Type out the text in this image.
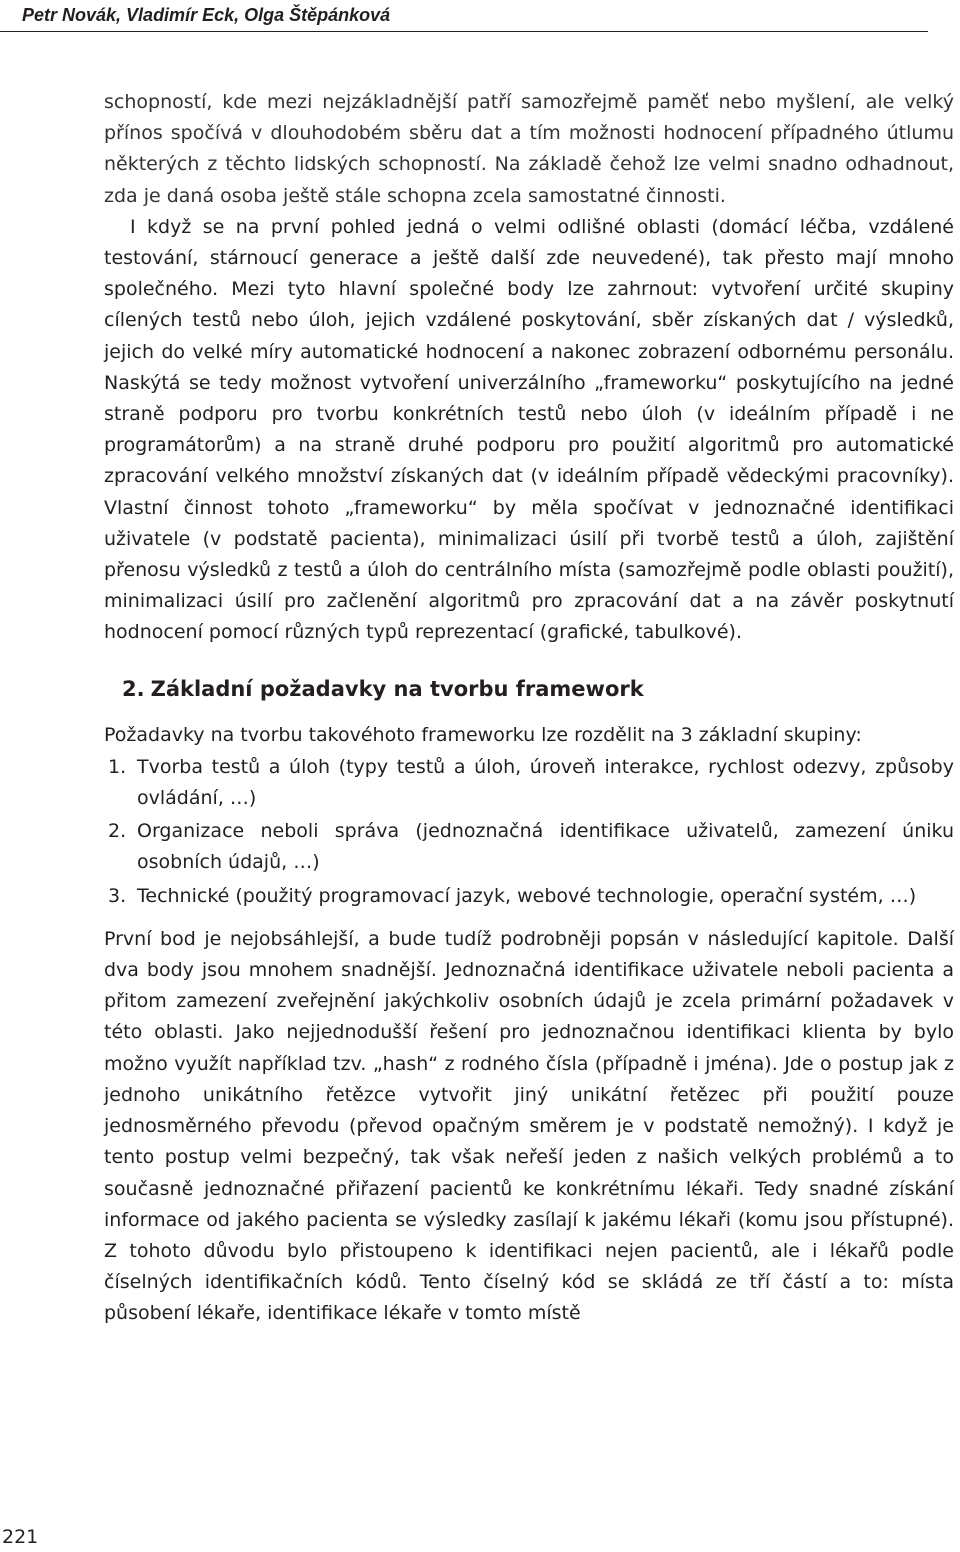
Petr Novák, Vladimír Eck, Olga Štěpánková

schopností, kde mezi nejzákladnější patří samozřejmě paměť nebo myšlení, ale velký přínos spočívá v dlouhodobém sběru dat a tím možnosti hodnocení případného útlumu některých z těchto lidských schopností. Na základě čehož lze velmi snadno odhadnout, zda je daná osoba ještě stále schopna zcela samostatné činnosti.

I když se na první pohled jedná o velmi odlišné oblasti (domácí léčba, vzdálené testování, stárnoucí generace a ještě další zde neuvedené), tak přesto mají mnoho společného. Mezi tyto hlavní společné body lze zahrnout: vytvoření určité skupiny cílených testů nebo úloh, jejich vzdálené poskytování, sběr získaných dat / výsledků, jejich do velké míry automatické hodnocení a nakonec zobrazení odbornému personálu. Naskýtá se tedy možnost vytvoření univerzálního „frameworku“ poskytujícího na jedné straně podporu pro tvorbu konkrétních testů nebo úloh (v ideálním případě i ne programátorům) a na straně druhé podporu pro použití algoritmů pro automatické zpracování velkého množství získaných dat (v ideálním případě vědeckými pracovníky). Vlastní činnost tohoto „frameworku“ by měla spočívat v jednoznačné identifikaci uživatele (v podstatě pacienta), minimalizaci úsilí při tvorbě testů a úloh, zajištění přenosu výsledků z testů a úloh do centrálního místa (samozřejmě podle oblasti použití), minimalizaci úsilí pro začlenění algoritmů pro zpracování dat a na závěr poskytnutí hodnocení pomocí různých typů reprezentací (grafické, tabulkové).

2. Základní požadavky na tvorbu framework

Požadavky na tvorbu takovéhoto frameworku lze rozdělit na 3 základní skupiny:

1. Tvorba testů a úloh (typy testů a úloh, úroveň interakce, rychlost odezvy, způsoby ovládání, …)
2. Organizace neboli správa (jednoznačná identifikace uživatelů, zamezení úniku osobních údajů, …)
3. Technické (použitý programovací jazyk, webové technologie, operační systém, …)

První bod je nejobsáhlejší, a bude tudíž podrobněji popsán v následující kapitole. Další dva body jsou mnohem snadnější. Jednoznačná identifikace uživatele neboli pacienta a přitom zamezení zveřejnění jakýchkoliv osobních údajů je zcela primární požadavek v této oblasti. Jako nejjednodušší řešení pro jednoznačnou identifikaci klienta by bylo možno využít například tzv. „hash“ z rodného čísla (případně i jména). Jde o postup jak z jednoho unikátního řetězce vytvořit jiný unikátní řetězec při použití pouze jednosměrného převodu (převod opačným směrem je v podstatě nemožný). I když je tento postup velmi bezpečný, tak však neřeší jeden z našich velkých problémů a to současně jednoznačné přiřazení pacientů ke konkrétnímu lékaři. Tedy snadné získání informace od jakého pacienta se výsledky zasílají k jakému lékaři (komu jsou přístupné). Z tohoto důvodu bylo přistoupeno k identifikaci nejen pacientů, ale i lékařů podle číselných identifikačních kódů. Tento číselný kód se skládá ze tří částí a to: místa působení lékaře, identifikace lékaře v tomto místě

221
